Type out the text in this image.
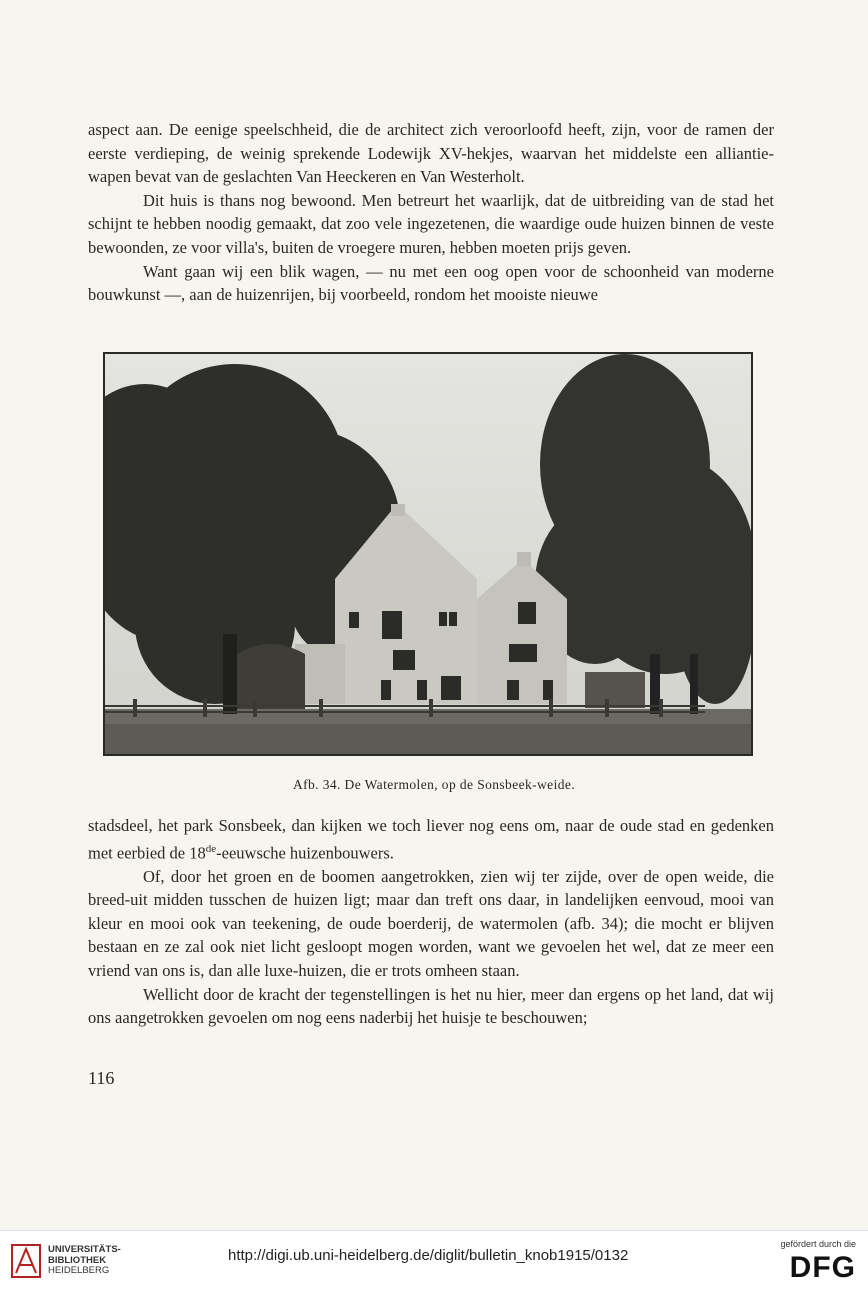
aspect aan. De eenige speelschheid, die de architect zich veroorloofd heeft, zijn, voor de ramen der eerste verdieping, de weinig sprekende Lodewijk XV-hekjes, waarvan het middelste een alliantie-wapen bevat van de geslachten Van Heeckeren en Van Westerholt.

Dit huis is thans nog bewoond. Men betreurt het waarlijk, dat de uitbreiding van de stad het schijnt te hebben noodig gemaakt, dat zoo vele ingezetenen, die waardige oude huizen binnen de veste bewoonden, ze voor villa's, buiten de vroegere muren, hebben moeten prijs geven.

Want gaan wij een blik wagen, — nu met een oog open voor de schoonheid van moderne bouwkunst —, aan de huizenrijen, bij voorbeeld, rondom het mooiste nieuwe

Afb. 34. De Watermolen, op de Sonsbeek-weide.

stadsdeel, het park Sonsbeek, dan kijken we toch liever nog eens om, naar de oude stad en gedenken met eerbied de 18de-eeuwsche huizenbouwers.

Of, door het groen en de boomen aangetrokken, zien wij ter zijde, over de open weide, die breed-uit midden tusschen de huizen ligt; maar dan treft ons daar, in landelijken eenvoud, mooi van kleur en mooi ook van teekening, de oude boerderij, de watermolen (afb. 34); die mocht er blijven bestaan en ze zal ook niet licht gesloopt mogen worden, want we gevoelen het wel, dat ze meer een vriend van ons is, dan alle luxe-huizen, die er trots omheen staan.

Wellicht door de kracht der tegenstellingen is het nu hier, meer dan ergens op het land, dat wij ons aangetrokken gevoelen om nog eens naderbij het huisje te beschouwen;

116
UNIVERSITÄTS-
BIBLIOTHEK
HEIDELBERG
http://digi.ub.uni-heidelberg.de/diglit/bulletin_knob1915/0132
gefördert durch die
DFG
